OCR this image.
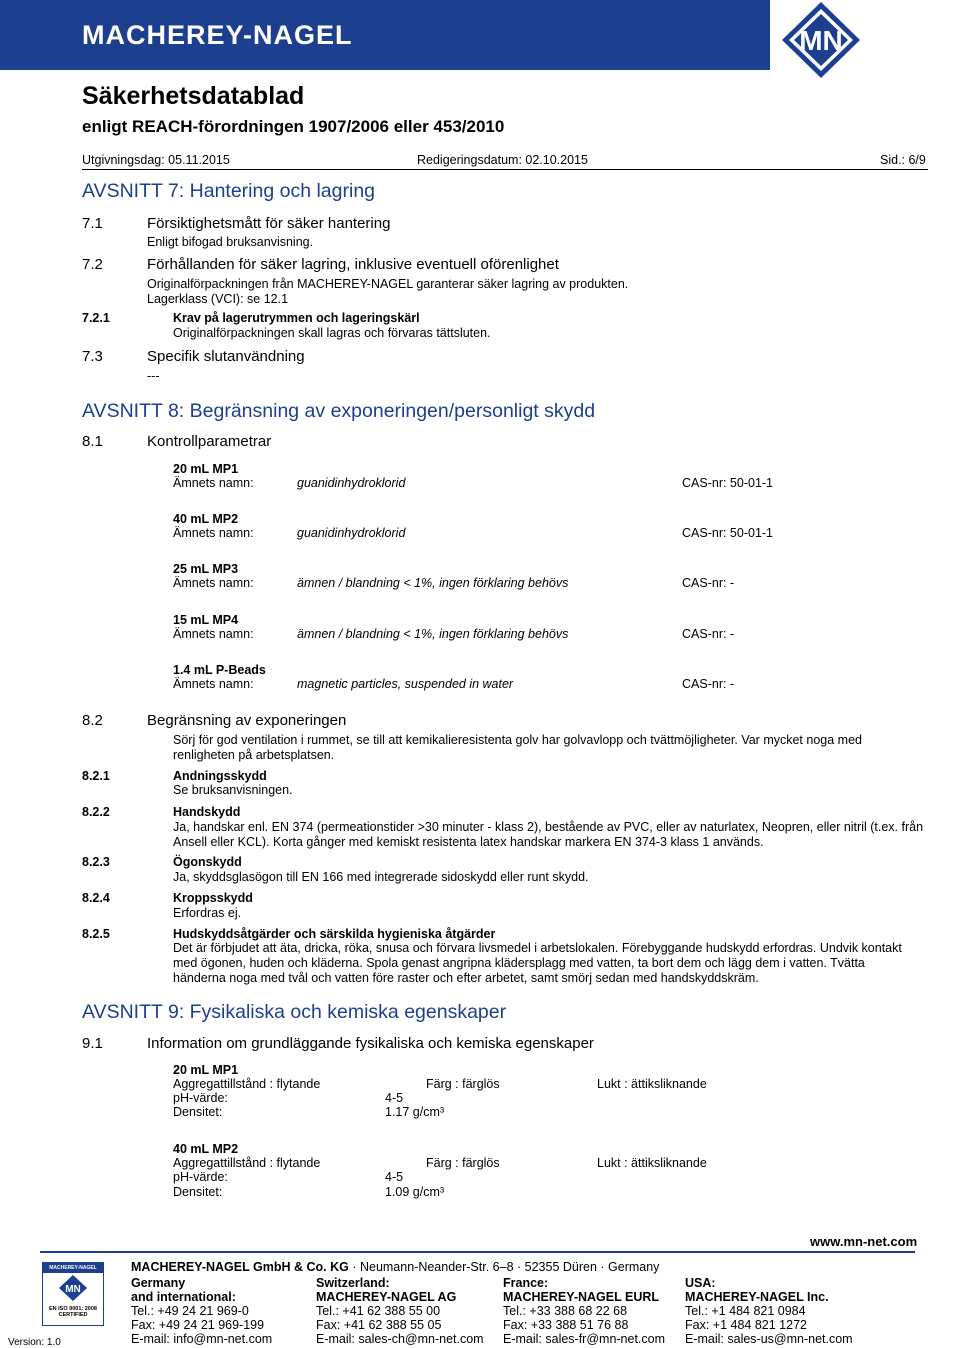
MACHEREY-NAGEL	MN
Säkerhetsdatablad
enligt REACH-förordningen 1907/2006 eller 453/2010
Utgivningsdag: 05.11.2015	Redigeringsdatum: 02.10.2015	Sid.: 6/9
AVSNITT 7: Hantering och lagring
7.1	Försiktighetsmått för säker hantering
Enligt bifogad bruksanvisning.
7.2	Förhållanden för säker lagring, inklusive eventuell oförenlighet
Originalförpackningen från MACHEREY-NAGEL garanterar säker lagring av produkten.
Lagerklass (VCI): se 12.1
7.2.1	Krav på lagerutrymmen och lageringskärl
Originalförpackningen skall lagras och förvaras tättsluten.
7.3	Specifik slutanvändning
---
AVSNITT 8: Begränsning av exponeringen/personligt skydd
8.1	Kontrollparametrar
20 mL MP1
Ämnets namn:	guanidinhydroklorid	CAS-nr: 50-01-1
40 mL MP2
Ämnets namn:	guanidinhydroklorid	CAS-nr: 50-01-1
25 mL MP3
Ämnets namn:	ämnen / blandning < 1%, ingen förklaring behövs	CAS-nr: -
15 mL MP4
Ämnets namn:	ämnen / blandning < 1%, ingen förklaring behövs	CAS-nr: -
1.4 mL P-Beads
Ämnets namn:	magnetic particles, suspended in water	CAS-nr: -
8.2	Begränsning av exponeringen
Sörj för god ventilation i rummet, se till att kemikalieresistenta golv har golvavlopp och tvättmöjligheter. Var mycket noga med renligheten på arbetsplatsen.
8.2.1	Andningsskydd
Se bruksanvisningen.
8.2.2	Handskydd
Ja, handskar enl. EN 374 (permeationstider >30 minuter - klass 2), bestående av PVC, eller av naturlatex, Neopren, eller nitril (t.ex. från Ansell eller KCL). Korta gånger med kemiskt resistenta latex handskar markera EN 374-3 klass 1 används.
8.2.3	Ögonskydd
Ja, skyddsglasögon till EN 166 med integrerade sidoskydd eller runt skydd.
8.2.4	Kroppsskydd
Erfordras ej.
8.2.5	Hudskyddsåtgärder och särskilda hygieniska åtgärder
Det är förbjudet att äta, dricka, röka, snusa och förvara livsmedel i arbetslokalen. Förebyggande hudskydd erfordras. Undvik kontakt med ögonen, huden och kläderna. Spola genast angripna klädersplagg med vatten, ta bort dem och lägg dem i vatten. Tvätta händerna noga med tvål och vatten före raster och efter arbetet, samt smörj sedan med handskyddskräm.
AVSNITT 9: Fysikaliska och kemiska egenskaper
9.1	Information om grundläggande fysikaliska och kemiska egenskaper
20 mL MP1
Aggregattillstånd : flytande	Färg : färglös	Lukt : ättiksliknande
pH-värde:	4-5
Densitet:	1.17 g/cm³
40 mL MP2
Aggregattillstånd : flytande	Färg : färglös	Lukt : ättiksliknande
pH-värde:	4-5
Densitet:	1.09 g/cm³
www.mn-net.com
MACHEREY-NAGEL
MN
EN ISO 9001: 2008
CERTIFIED
Version: 1.0
MACHEREY-NAGEL GmbH & Co. KG · Neumann-Neander-Str. 6–8 · 52355 Düren · Germany
Germany
and international:
Tel.: +49 24 21 969-0
Fax: +49 24 21 969-199
E-mail: info@mn-net.com
Switzerland:
MACHEREY-NAGEL AG
Tel.: +41 62 388 55 00
Fax: +41 62 388 55 05
E-mail: sales-ch@mn-net.com
France:
MACHEREY-NAGEL EURL
Tel.: +33 388 68 22 68
Fax: +33 388 51 76 88
E-mail: sales-fr@mn-net.com
USA:
MACHEREY-NAGEL Inc.
Tel.: +1 484 821 0984
Fax: +1 484 821 1272
E-mail: sales-us@mn-net.com
